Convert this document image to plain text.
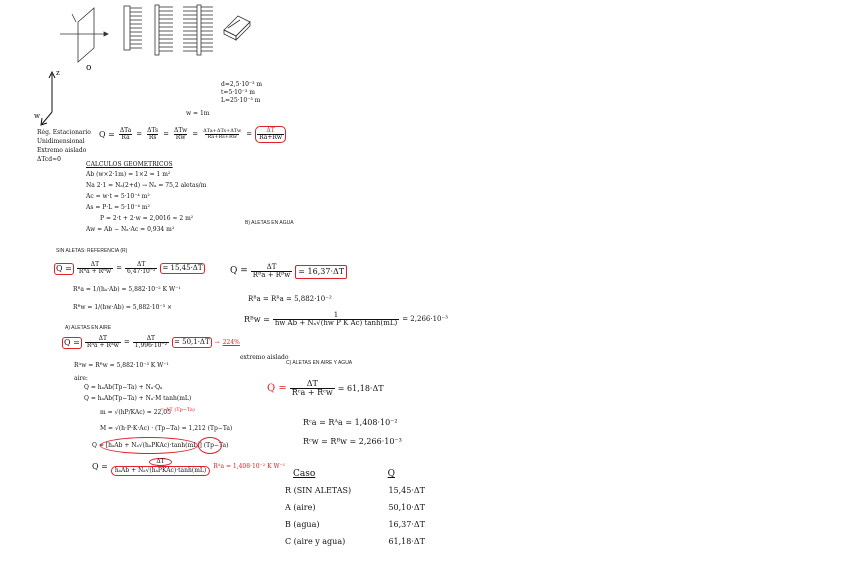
z
w
o
d=2,5·10⁻³ m
t=5·10⁻³ m
L=25·10⁻³ m
w = 1m
Rég. Estacionario
Unidimensional
Extremo aislado
ΔTcd≈0
$Q = \frac{\text{ΔTa}}{Ra} = \frac{\text{ΔTs}}{Rs} = \frac{\text{ΔTw}}{Rw} = \frac{\text{ΔTa+ΔTs+ΔTw}}{Ra+Rs+Rw} = \frac{\Delta T}{Ra+Rw}$
CALCULOS GEOMETRICOS
Ab (w×2·1m) = 1×2 = 1 m²
Na 2·1 = Nₐ(2+d) → Nₐ = 75,2 aletas/m
Ac = w·t = 5·10⁻⁴ m²
As = P·L = 5·10⁻⁴ m²
P = 2·t + 2·w = 2,0016 ≈ 2 m²
Aw = Ab − Nₐ·Ac = 0,934 m²
B) ALETAS EN AGUA
SIN ALETAS: REFERENCIA (R)
A) ALETAS EN AIRE
C) ALETAS EN AIRE Y AGUA
$Q = \frac{\Delta T}{\text{Rᴿa + Rᴿw}} = \frac{\Delta T}{\text{6,47·10⁻²}} = 15,45\cdot\Delta T$
Rᴿa = 1/(hₐ·Ab) = 5,882·10⁻² K W⁻¹
Rᴿw = 1/(hw·Ab) = 5,882·10⁻³ ×
$Q = \frac{\Delta T}{\text{Rᴬa + Rᴬw}} = \frac{\Delta T}{\text{1,996·10⁻²}} = 50,1\cdot\Delta T \to 224\%$
Rᴬw = Rᴿw = 5,882·10⁻³ K W⁻¹
aire:
Q = hₐAb(Tp−Ta) + Nₐ·Qₐ
Q = hₐAb(Tp−Ta) + Nₐ·M tanh(mL)
m = √(hP/KAc) = 22,05
= ΔT (Tp−Ta)
M = √(h·P·K·Ac) · (Tp−Ta) = 1,212 (Tp−Ta)
Q = [hₐAb + Nₐ√(hₐPKAc)·tanh(mL)] (Tp−Ta)
$Q = \frac{\Delta T}{\text{hₐAb + Nₐ√(hₐPKAc)·tanh(mL)}}$ Rᴬa = 1,408·10⁻² K W⁻¹
$Q = \frac{\Delta T}{\text{Rᴮa + Rᴮw}} = 16,37\cdot\Delta T$
Rᴮa = Rᴿa = 5,882·10⁻²
Rᴮw = $\frac{1}{\text{hw Ab + Nₐ√(hw P K Ac) tanh(mL)}} = 2,266\cdot 10^{-3}$
extremo aislado
$Q = \frac{\Delta T}{\text{Rᶜa + Rᶜw}} = 61,18\cdot\Delta T$
Rᶜa = Rᴬa = 1,408·10⁻²
Rᶜw = Rᴮw = 2,266·10⁻³
Caso	Q
R (SIN ALETAS)	15,45·ΔT
A (aire)	50,10·ΔT
B (agua)	16,37·ΔT
C (aire y agua)	61,18·ΔT
